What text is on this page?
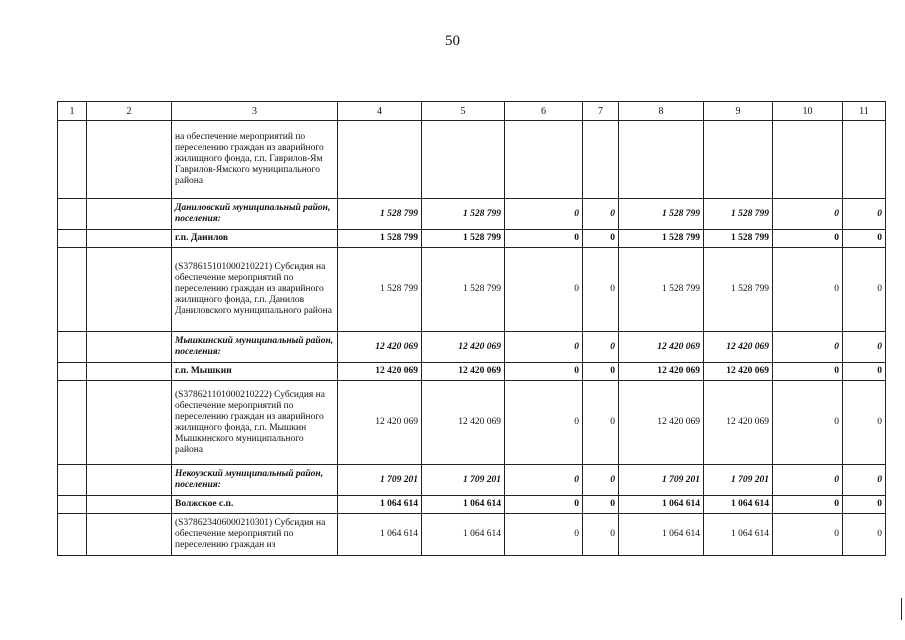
50
1	2	3	4	5	6	7	8	9	10	11
		на обеспечение мероприятий по переселению граждан из аварийного жилищного фонда, г.п. Гаврилов-Ям Гаврилов-Ямского муниципального района								
		Даниловский муниципальный район, поселения:	1 528 799	1 528 799	0	0	1 528 799	1 528 799	0	0
		г.п. Данилов	1 528 799	1 528 799	0	0	1 528 799	1 528 799	0	0
		(S378615101000210221) Субсидия на обеспечение мероприятий по переселению граждан из аварийного жилищного фонда, г.п. Данилов Даниловского муниципального района	1 528 799	1 528 799	0	0	1 528 799	1 528 799	0	0
		Мышкинский муниципальный район, поселения:	12 420 069	12 420 069	0	0	12 420 069	12 420 069	0	0
		г.п. Мышкин	12 420 069	12 420 069	0	0	12 420 069	12 420 069	0	0
		(S378621101000210222) Субсидия на обеспечение мероприятий по переселению граждан из аварийного жилищного фонда, г.п. Мышкин Мышкинского муниципального района	12 420 069	12 420 069	0	0	12 420 069	12 420 069	0	0
		Некоузский муниципальный район, поселения:	1 709 201	1 709 201	0	0	1 709 201	1 709 201	0	0
		Волжское с.п.	1 064 614	1 064 614	0	0	1 064 614	1 064 614	0	0
		(S378623406000210301) Субсидия на обеспечение мероприятий по переселению граждан из	1 064 614	1 064 614	0	0	1 064 614	1 064 614	0	0
